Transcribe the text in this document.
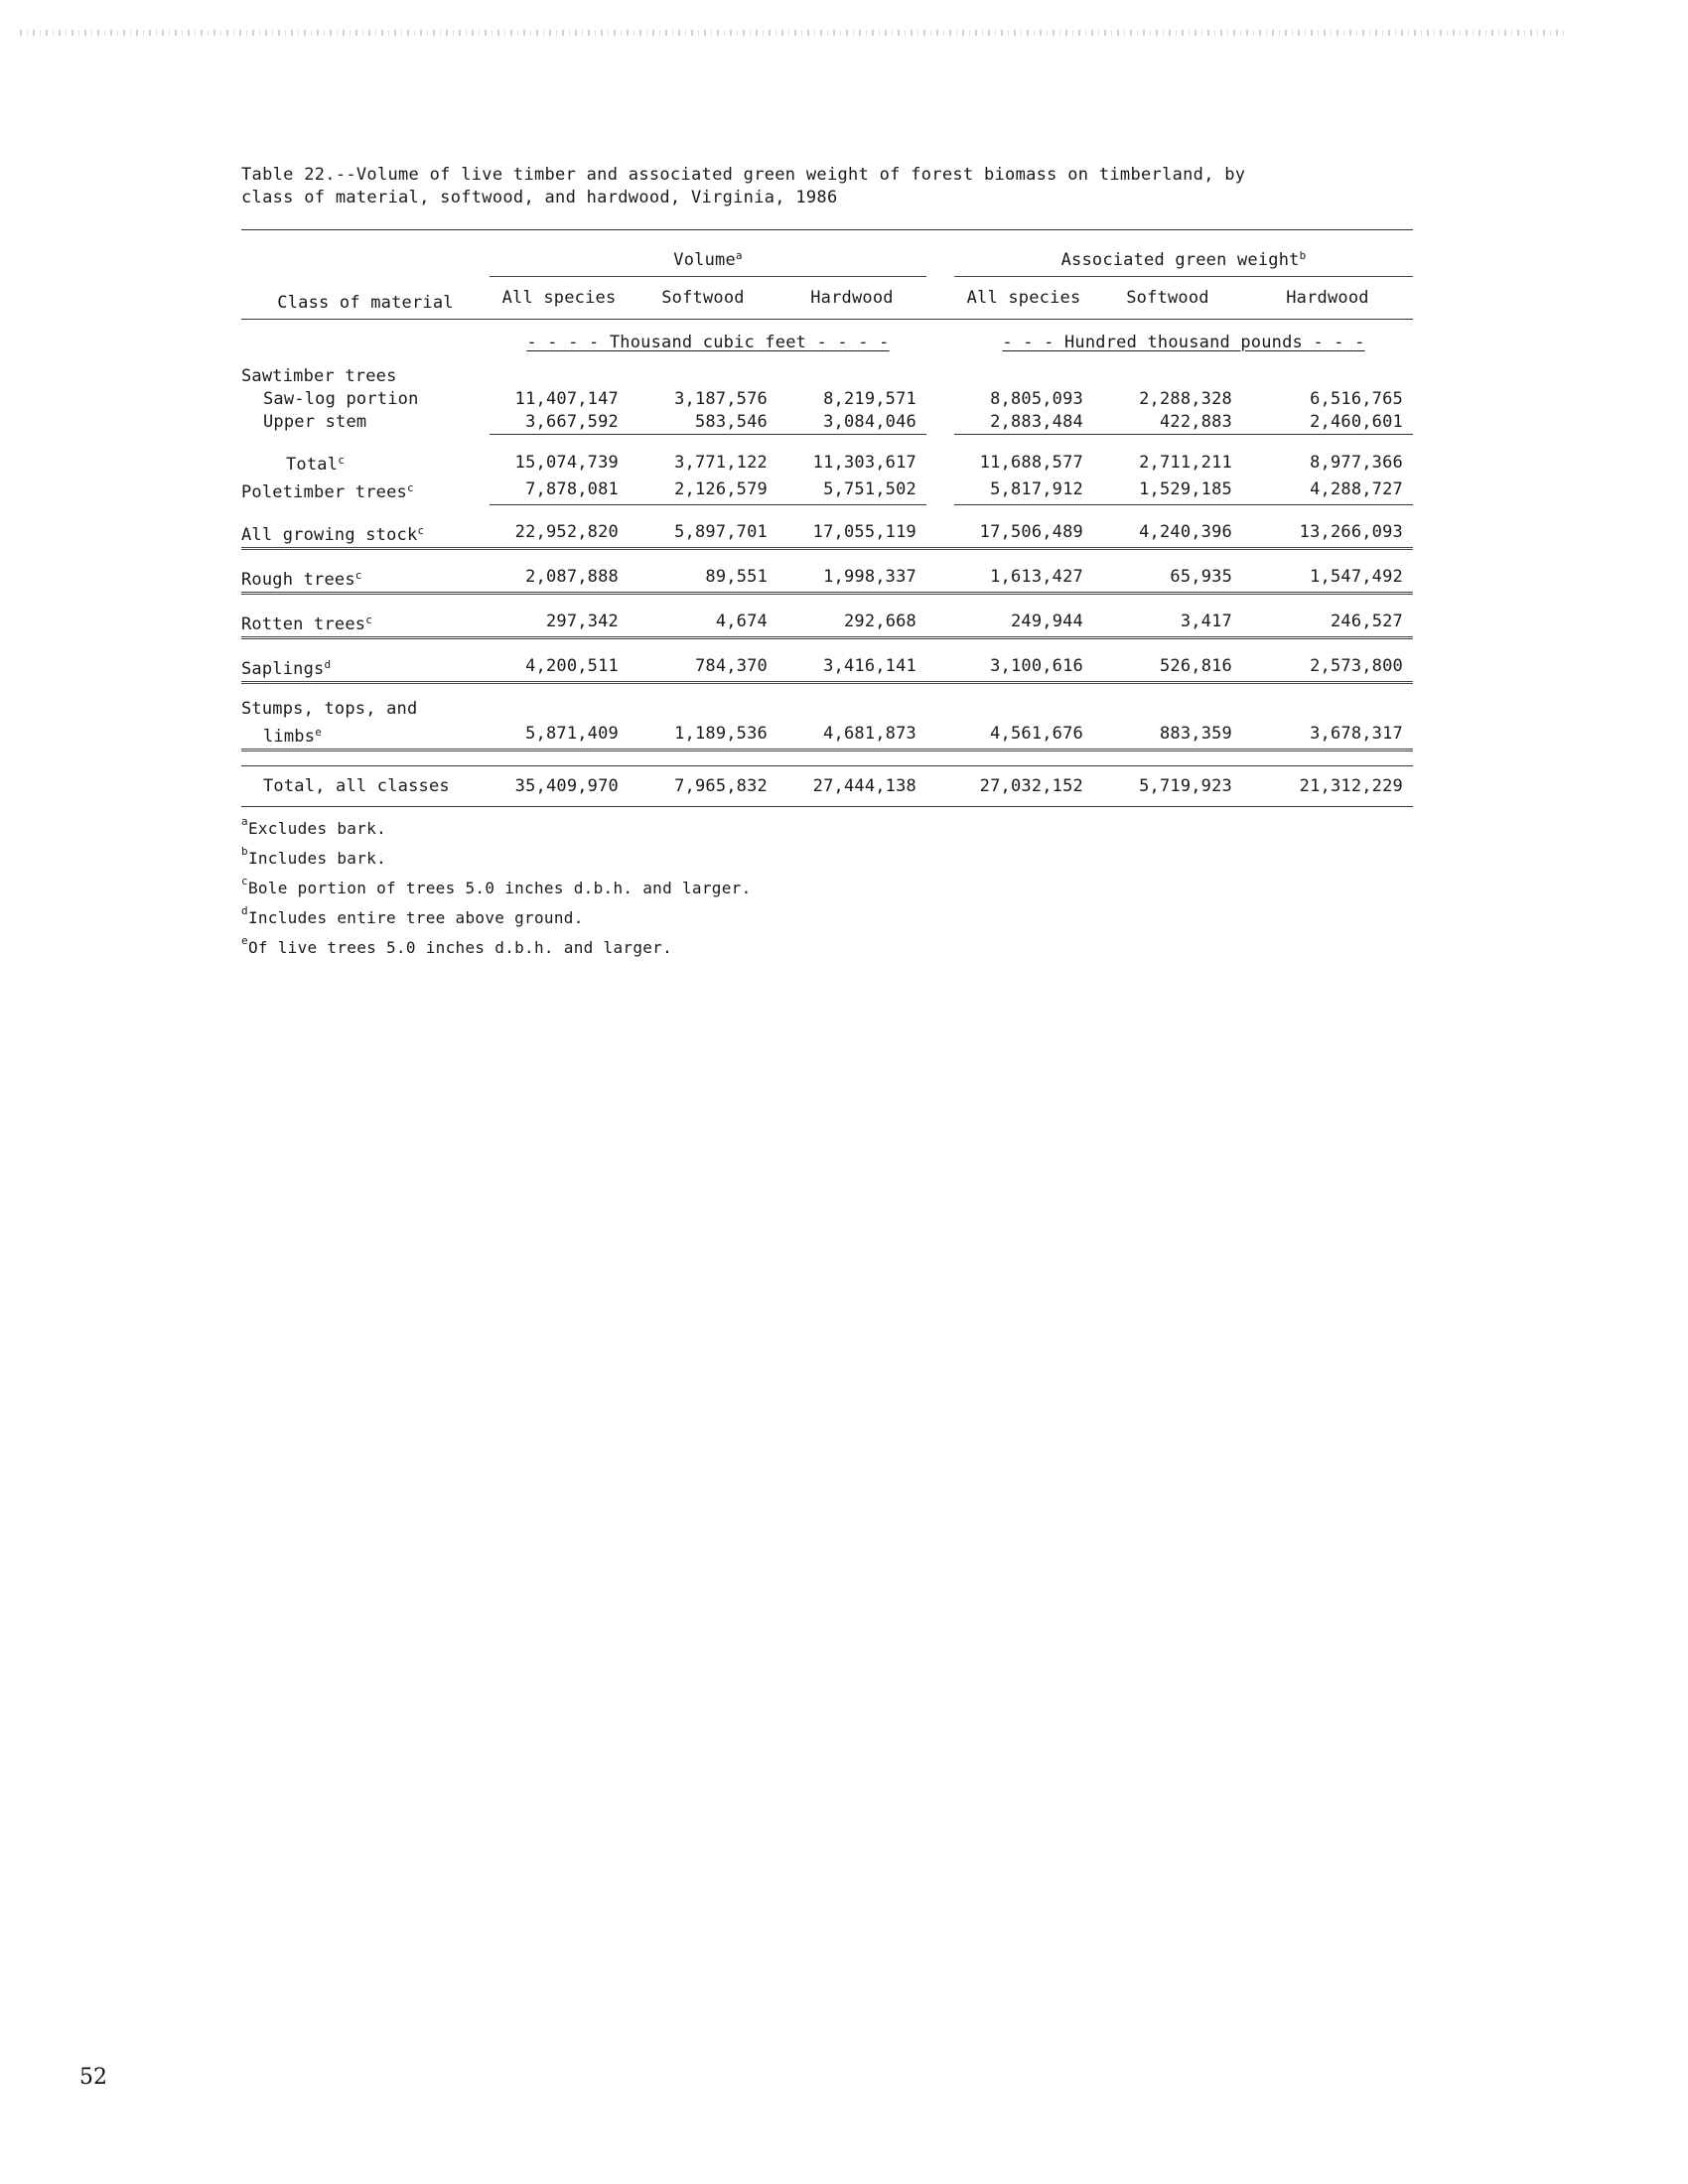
Table 22.--Volume of live timber and associated green weight of forest biomass on timberland, by
class of material, softwood, and hardwood, Virginia, 1986

Class of material	Volume$^a$				Associated green weight$^b$
	All species	Softwood	Hardwood		All species	Softwood	Hardwood
	- - - - Thousand cubic feet - - - -				- - - Hundred thousand pounds - - -		
Sawtimber trees							
Saw-log portion	11,407,147	3,187,576	8,219,571		8,805,093	2,288,328	6,516,765
Upper stem	3,667,592	583,546	3,084,046		2,883,484	422,883	2,460,601

Total$^c$	15,074,739	3,771,122	11,303,617		11,688,577	2,711,211	8,977,366
Poletimber trees$^c$	7,878,081	2,126,579	5,751,502		5,817,912	1,529,185	4,288,727

All growing stock$^c$	22,952,820	5,897,701	17,055,119		17,506,489	4,240,396	13,266,093

Rough trees$^c$	2,087,888	89,551	1,998,337		1,613,427	65,935	1,547,492

Rotten trees$^c$	297,342	4,674	292,668		249,944	3,417	246,527

Saplings$^d$	4,200,511	784,370	3,416,141		3,100,616	526,816	2,573,800

Stumps, tops, and							
limbs$^e$	5,871,409	1,189,536	4,681,873		4,561,676	883,359	3,678,317

Total, all classes	35,409,970	7,965,832	27,444,138		27,032,152	5,719,923	21,312,229
$^a$Excludes bark.
$^b$Includes bark.
$^c$Bole portion of trees 5.0 inches d.b.h. and larger.
$^d$Includes entire tree above ground.
$^e$Of live trees 5.0 inches d.b.h. and larger.
52
